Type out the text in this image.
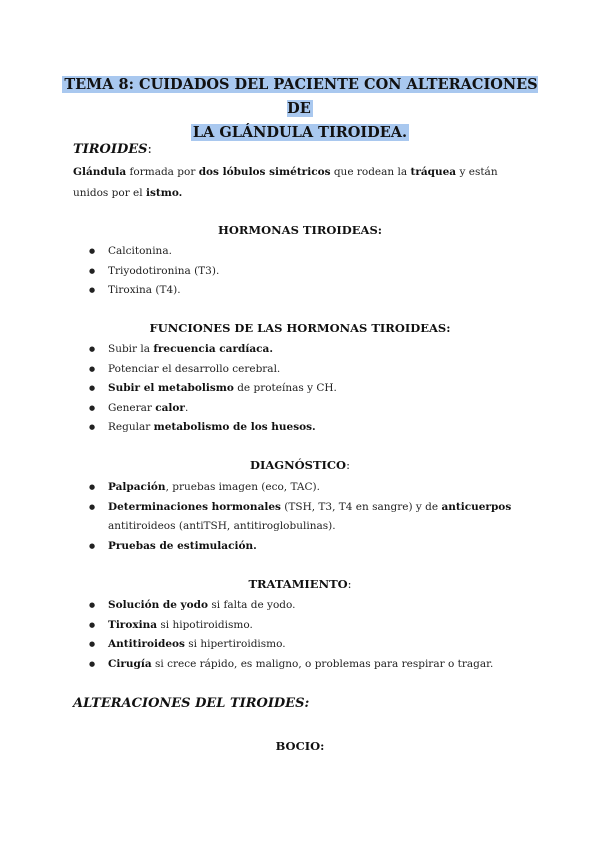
TEMA 8: CUIDADOS DEL PACIENTE CON ALTERACIONES DE
LA GLÁNDULA TIROIDEA.
TIROIDES:
Glándula formada por dos lóbulos simétricos que rodean la tráquea y están unidos por el istmo.
HORMONAS TIROIDEAS:
● Calcitonina.
● Triyodotironina (T3).
● Tiroxina (T4).
FUNCIONES DE LAS HORMONAS TIROIDEAS:
● Subir la frecuencia cardíaca.
● Potenciar el desarrollo cerebral.
● Subir el metabolismo de proteínas y CH.
● Generar calor.
● Regular metabolismo de los huesos.
DIAGNÓSTICO:
● Palpación, pruebas imagen (eco, TAC).
● Determinaciones hormonales (TSH, T3, T4 en sangre) y de anticuerpos antitiroideos (antiTSH, antitiroglobulinas).
● Pruebas de estimulación.
TRATAMIENTO:
● Solución de yodo si falta de yodo.
● Tiroxina si hipotiroidismo.
● Antitiroideos si hipertiroidismo.
● Cirugía si crece rápido, es maligno, o problemas para respirar o tragar.
ALTERACIONES DEL TIROIDES:
BOCIO:
